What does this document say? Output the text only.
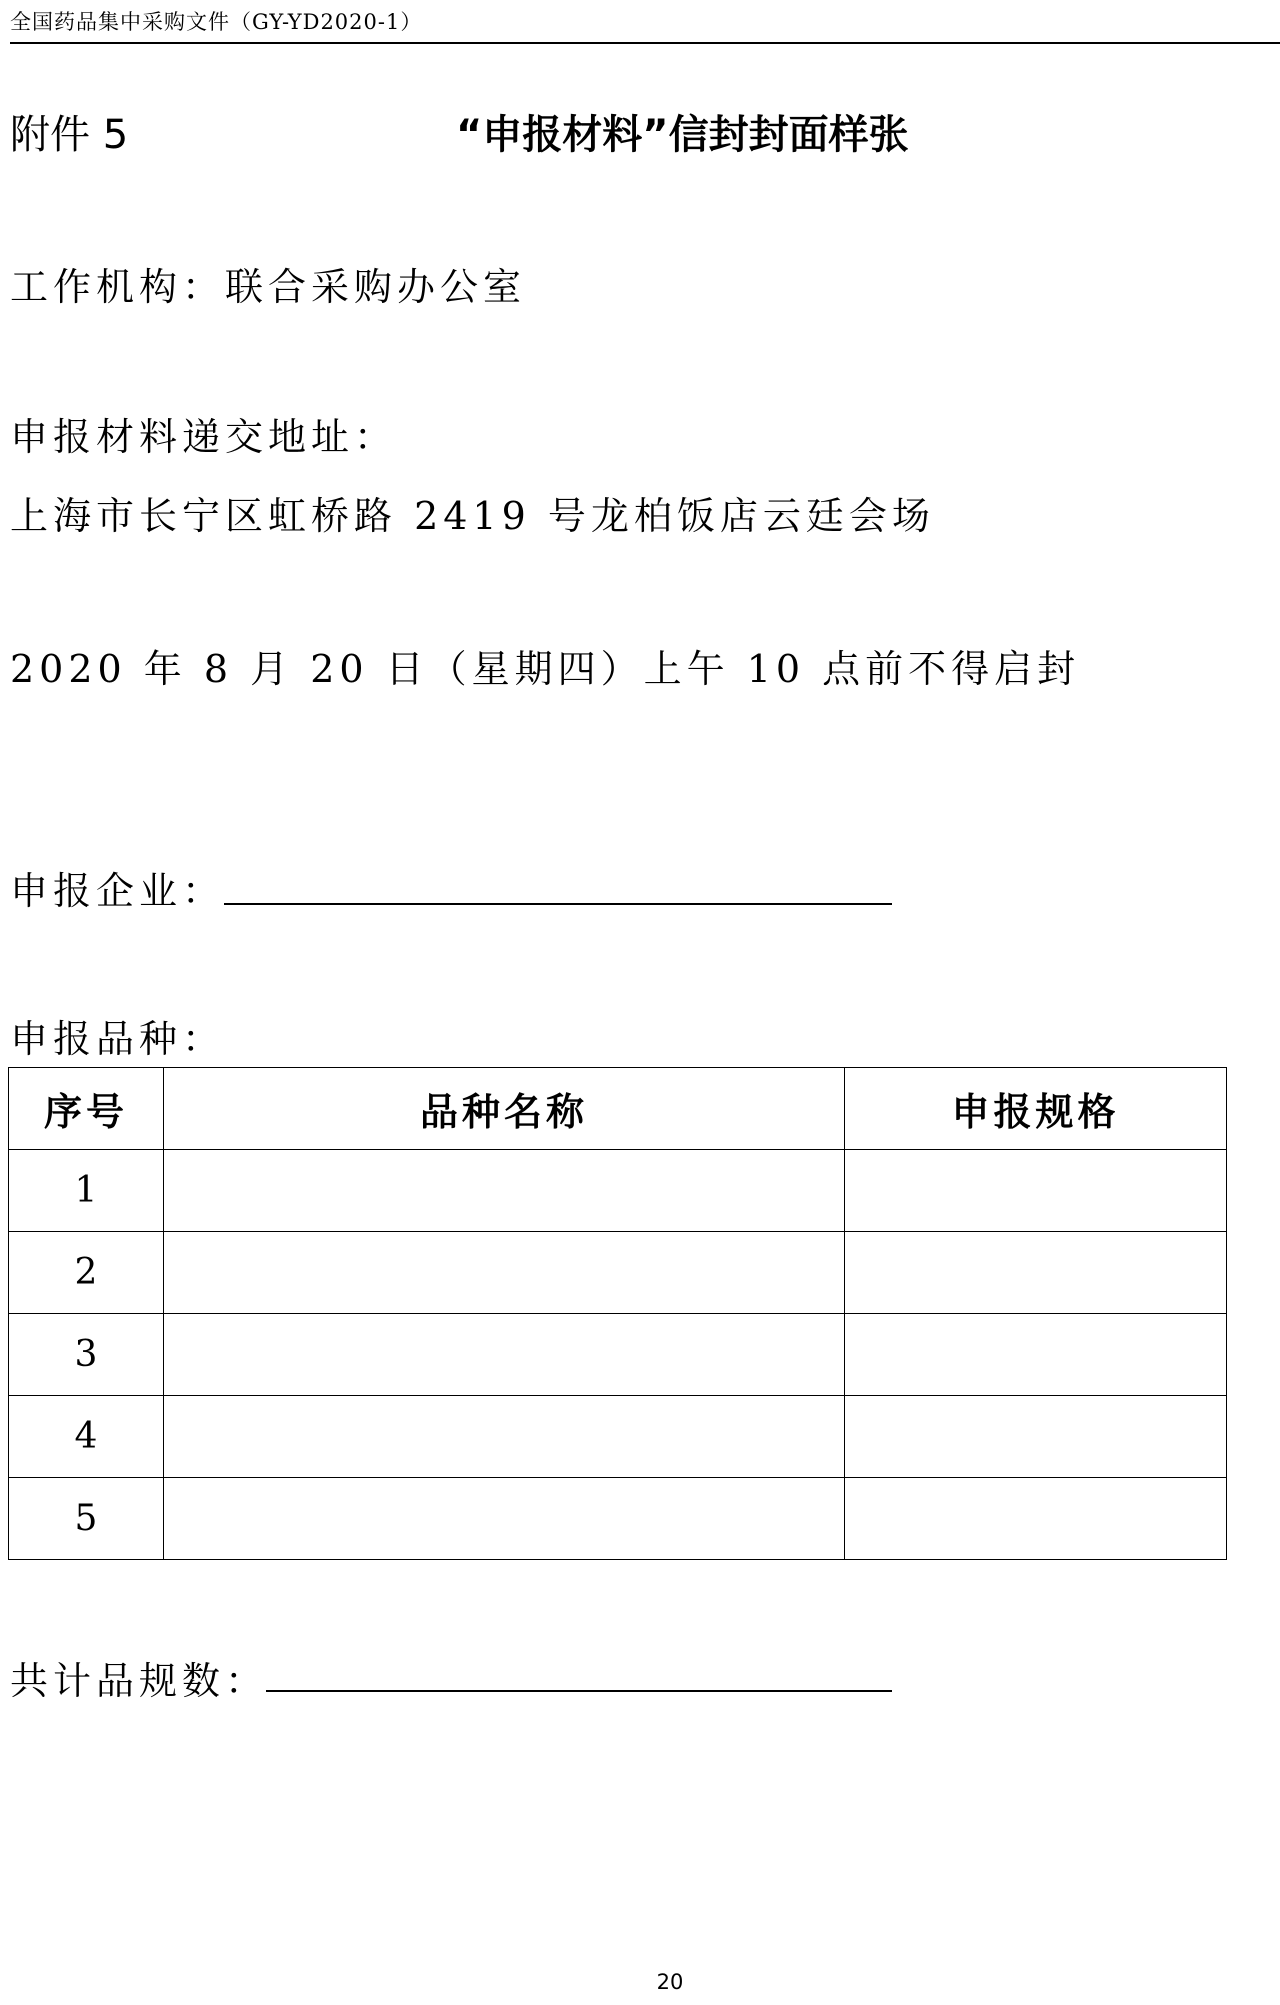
全国药品集中采购文件（GY-YD2020-1）
附件 5	“申报材料”信封封面样张
工作机构：联合采购办公室
申报材料递交地址：
上海市长宁区虹桥路 2419 号龙柏饭店云廷会场
2020 年 8 月 20 日（星期四）上午 10 点前不得启封
申报企业：
申报品种：
序号	品种名称	申报规格
1		
2		
3		
4		
5		
共计品规数：
20
